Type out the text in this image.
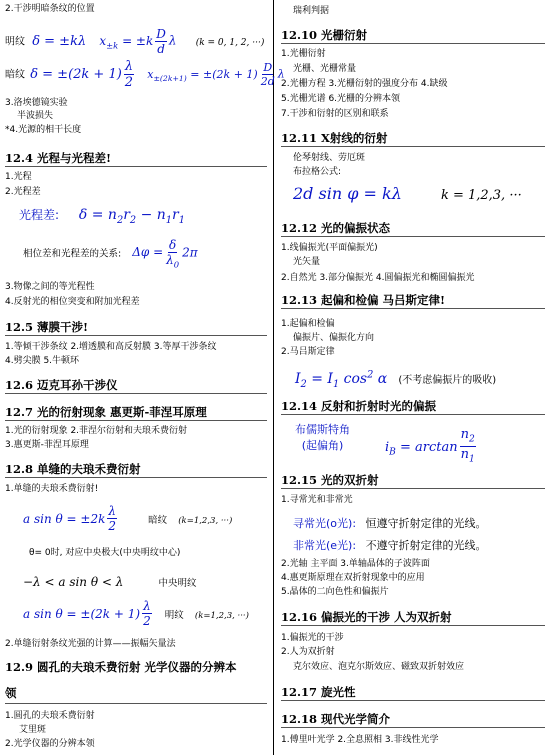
2.干涉明暗条纹的位置
明纹 δ = ±kλ $x_{\pm k} = \pm k \frac{D}{d}$ λ (k = 0, 1, 2, ···)
暗纹 $\delta = \pm(2k + 1) \frac{\lambda}{2} x_{\pm(2k+1)} = \pm(2k + 1) \frac{D}{2d}$ λ
3.洛埃德镜实验
半波损失
*4.光源的相干长度
12.4 光程与光程差!
1.光程
2.光程差
光程差: $\delta = n_2r_2 - n_1r_1$
相位差和光程差的关系: $\Delta\varphi = \frac{\delta}{\lambda_0} 2\pi$
3.物像之间的等光程性
4.反射光的相位突变和附加光程差
12.5 薄膜干涉!
1.等倾干涉条纹 2.增透膜和高反射膜 3.等厚干涉条纹
4.劈尖膜 5.牛顿环
12.6 迈克耳孙干涉仪
12.7 光的衍射现象 惠更斯-菲涅耳原理
1.光的衍射现象 2.菲涅尔衍射和夫琅禾费衍射
3.惠更斯-菲涅耳原理
12.8 单缝的夫琅禾费衍射
1.单缝的夫琅禾费衍射!
a $\sin \theta = \pm 2k \frac{\lambda}{2}$	暗纹 (k=1,2,3, ···)
θ= 0时, 对应中央极大(中央明纹中心)
−λ < a sin θ < λ	中央明纹
a $\sin \theta = \pm(2k + 1) \frac{\lambda}{2}$ 明纹 (k=1,2,3, ···)
2.单缝衍射条纹光强的计算——振幅矢量法
12.9 圆孔的夫琅禾费衍射 光学仪器的分辨本
领
1.圆孔的夫琅禾费衍射
艾里斑
2.光学仪器的分辨本领
瑞利判据
12.10 光栅衍射
1.光栅衍射
光栅、光栅常量
2.光栅方程 3.光栅衍射的强度分布 4.缺级
5.光栅光谱 6.光栅的分辨本领
7.干涉和衍射的区别和联系
12.11 X射线的衍射
伦琴射线、劳厄斑
布拉格公式:
2d sin φ = kλ	k = 1,2,3, ···
12.12 光的偏振状态
1.线偏振光(平面偏振光)
光矢量
2.自然光 3.部分偏振光 4.圆偏振光和椭圆偏振光
12.13 起偏和检偏 马吕斯定律!
1.起偏和检偏
偏振片、偏振化方向
2.马吕斯定律
$I_2 = I_1$ $\cos^2 \alpha$ (不考虑偏振片的吸收)
12.14 反射和折射时光的偏振
布儒斯特角
(起偏角)	$i_B = \arctan \frac{n_2}{n_1}$
12.15 光的双折射
1.寻常光和非常光
寻常光(o光): 恒遵守折射定律的光线。
非常光(e光): 不遵守折射定律的光线。
2.光轴 主平面 3.单轴晶体的子波阵面
4.惠更斯原理在双折射现象中的应用
5.晶体的二向色性和偏振片
12.16 偏振光的干涉 人为双折射
1.偏振光的干涉
2.人为双折射
克尔效应、泡克尔斯效应、磁致双折射效应
12.17 旋光性
12.18 现代光学简介
1.傅里叶光学 2.全息照相 3.非线性光学
